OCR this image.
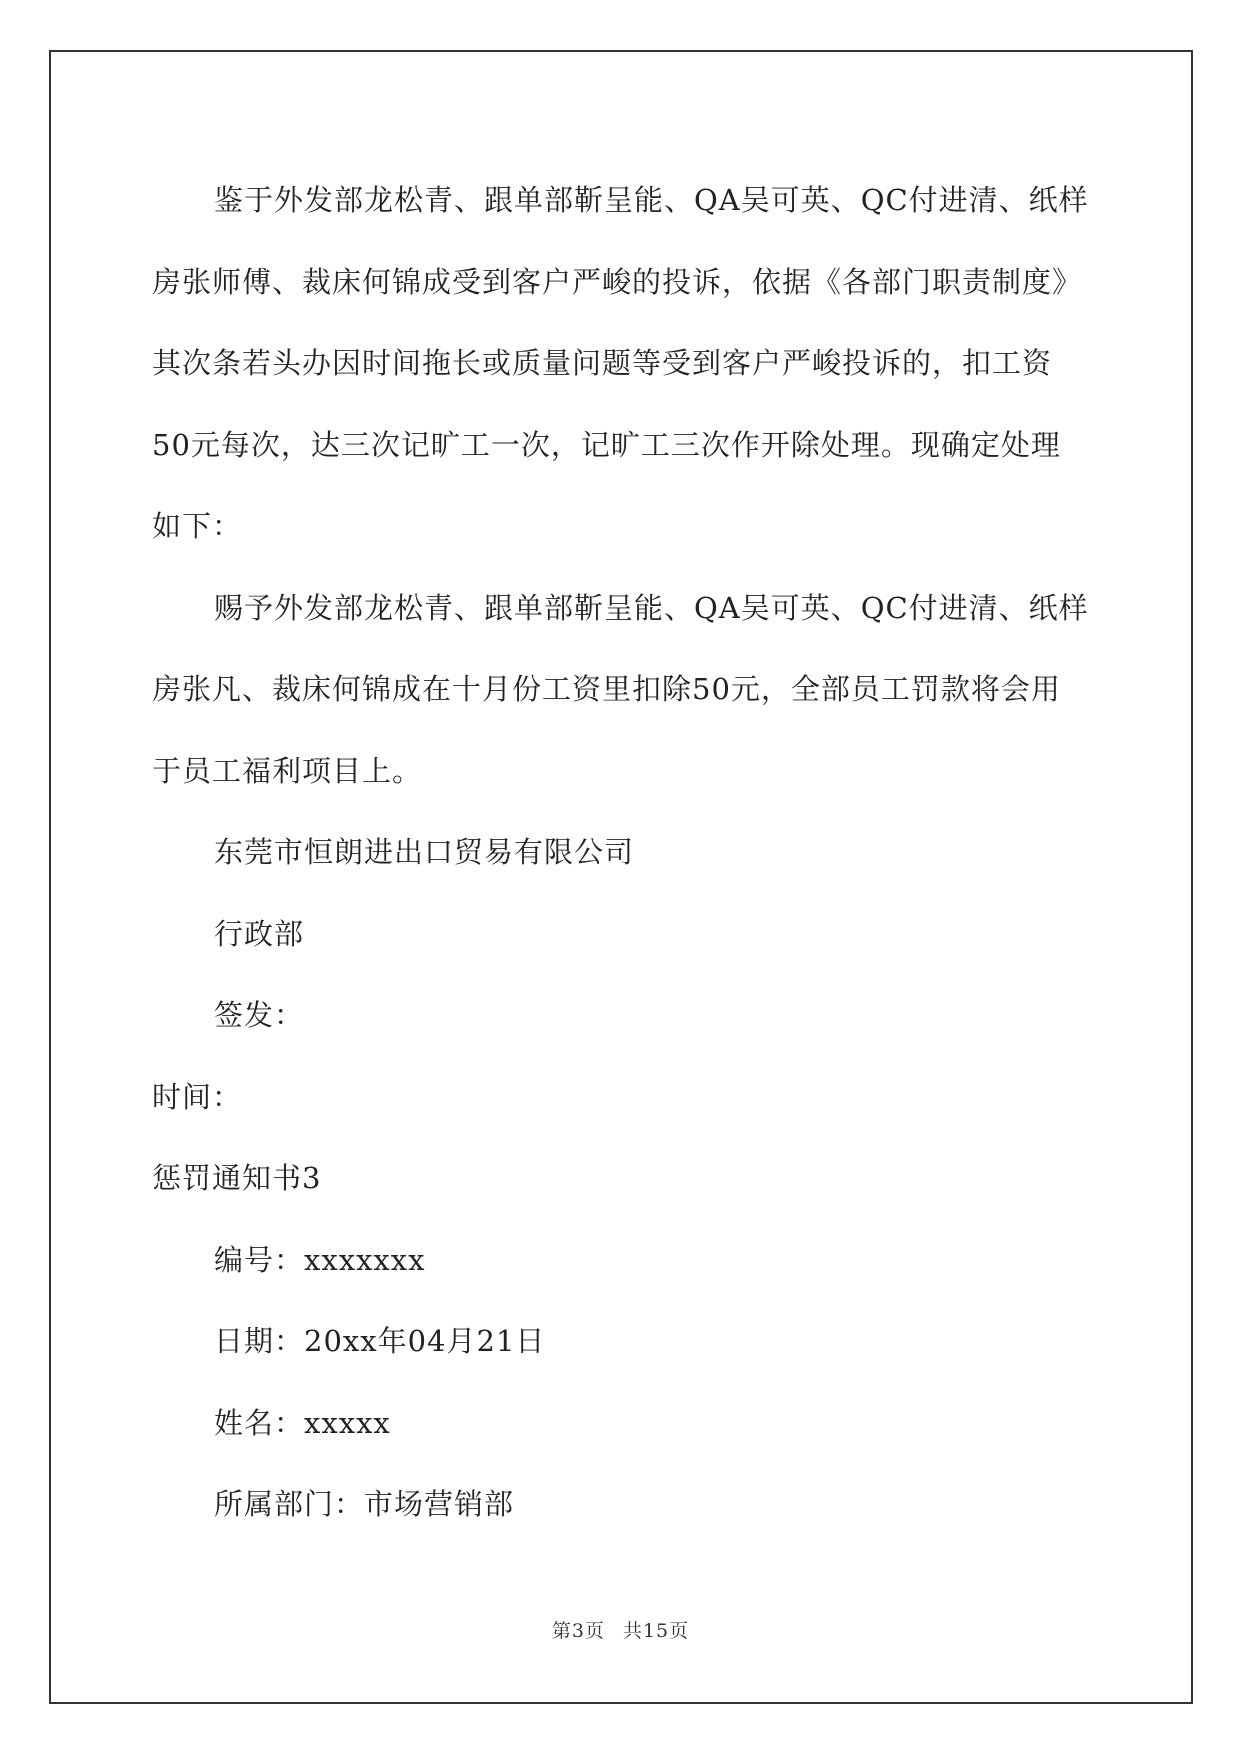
鉴于外发部龙松青、跟单部靳呈能、QA吴可英、QC付进清、纸样

房张师傅、裁床何锦成受到客户严峻的投诉，依据《各部门职责制度》

其次条若头办因时间拖长或质量问题等受到客户严峻投诉的，扣工资

50元每次，达三次记旷工一次，记旷工三次作开除处理。现确定处理

如下：

赐予外发部龙松青、跟单部靳呈能、QA吴可英、QC付进清、纸样

房张凡、裁床何锦成在十月份工资里扣除50元，全部员工罚款将会用

于员工福利项目上。

东莞市恒朗进出口贸易有限公司

行政部

签发：

时间：

惩罚通知书3

编号：xxxxxxx

日期：20xx年04月21日

姓名：xxxxx

所属部门：市场营销部

第3页 共15页
